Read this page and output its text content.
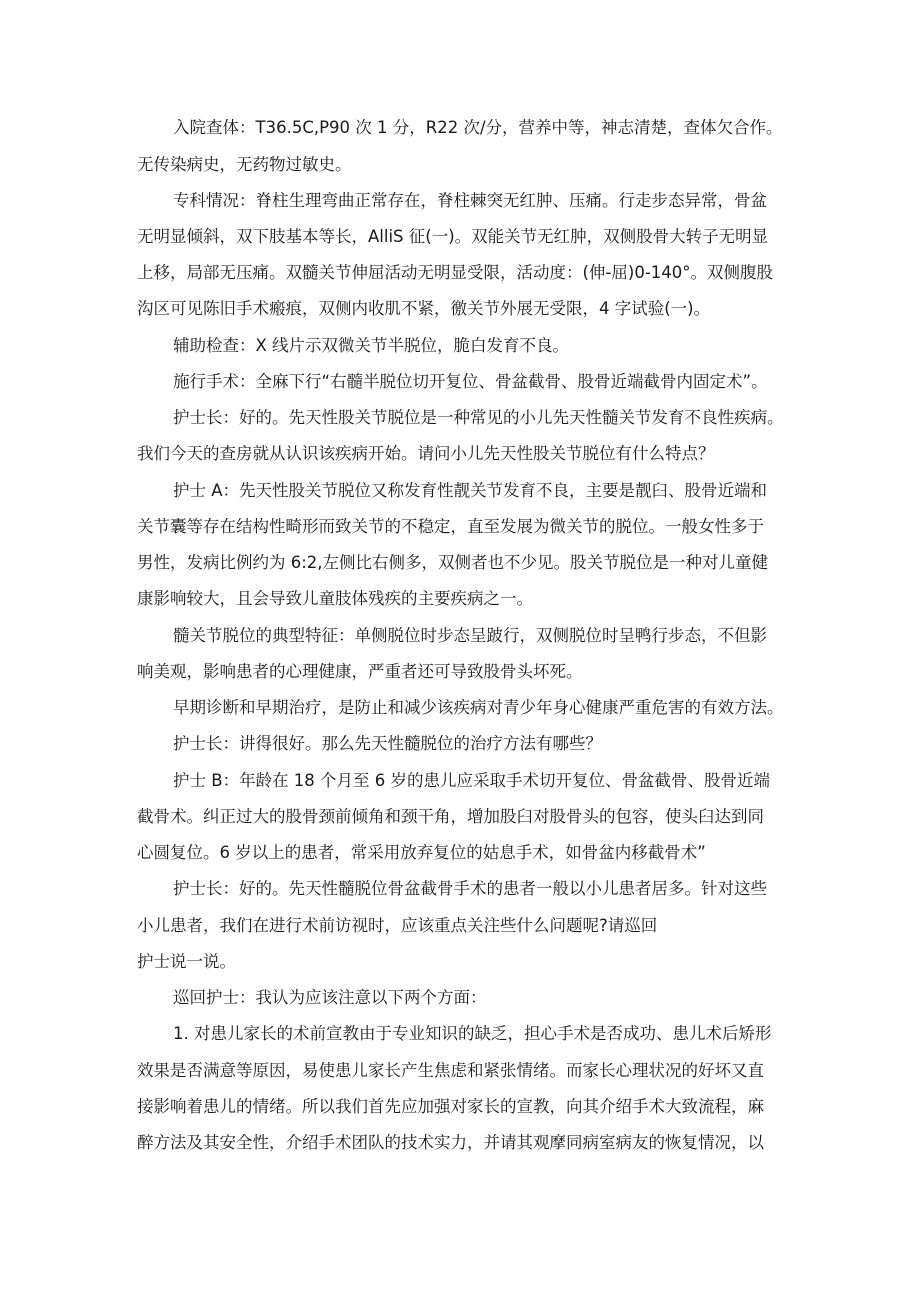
入院查体：T36.5C,P90 次 1 分，R22 次/分，营养中等，神志清楚，查体欠合作。
无传染病史，无药物过敏史。
专科情况：脊柱生理弯曲正常存在，脊柱棘突无红肿、压痛。行走步态异常，骨盆
无明显倾斜，双下肢基本等长，AlliS 征(一)。双能关节无红肿，双侧股骨大转子无明显
上移，局部无压痛。双髓关节伸屈活动无明显受限，活动度：(伸-屈)0-140°。双侧腹股
沟区可见陈旧手术瘢痕，双侧内收肌不紧，徼关节外展无受限，4 字试验(一)。
辅助检查：X 线片示双微关节半脱位，脆白发育不良。
施行手术：全麻下行“右髓半脱位切开复位、骨盆截骨、股骨近端截骨内固定术”。
护士长：好的。先天性股关节脱位是一种常见的小儿先天性髓关节发育不良性疾病。
我们今天的查房就从认识该疾病开始。请问小儿先天性股关节脱位有什么特点？
护士 A：先天性股关节脱位又称发育性靓关节发育不良，主要是靓臼、股骨近端和
关节囊等存在结构性畸形而致关节的不稳定，直至发展为微关节的脱位。一般女性多于
男性，发病比例约为 6:2,左侧比右侧多，双侧者也不少见。股关节脱位是一种对儿童健
康影响较大，且会导致儿童肢体残疾的主要疾病之一。
髓关节脱位的典型特征：单侧脱位时步态呈跛行，双侧脱位时呈鸭行步态，不但影
响美观，影响患者的心理健康，严重者还可导致股骨头坏死。
早期诊断和早期治疗，是防止和减少该疾病对青少年身心健康严重危害的有效方法。
护士长：讲得很好。那么先天性髓脱位的治疗方法有哪些？
护士 B：年龄在 18 个月至 6 岁的患儿应采取手术切开复位、骨盆截骨、股骨近端
截骨术。纠正过大的股骨颈前倾角和颈干角，增加股臼对股骨头的包容，使头臼达到同
心圆复位。6 岁以上的患者，常采用放弃复位的姑息手术，如骨盆内移截骨术”
护士长：好的。先天性髓脱位骨盆截骨手术的患者一般以小儿患者居多。针对这些
小儿患者，我们在进行术前访视时，应该重点关注些什么问题呢?请巡回
护士说一说。
巡回护士：我认为应该注意以下两个方面：
1. 对患儿家长的术前宣教由于专业知识的缺乏，担心手术是否成功、患儿术后矫形
效果是否满意等原因，易使患儿家长产生焦虑和紧张情绪。而家长心理状况的好坏又直
接影响着患儿的情绪。所以我们首先应加强对家长的宣教，向其介绍手术大致流程，麻
醉方法及其安全性，介绍手术团队的技术实力，并请其观摩同病室病友的恢复情况，以
